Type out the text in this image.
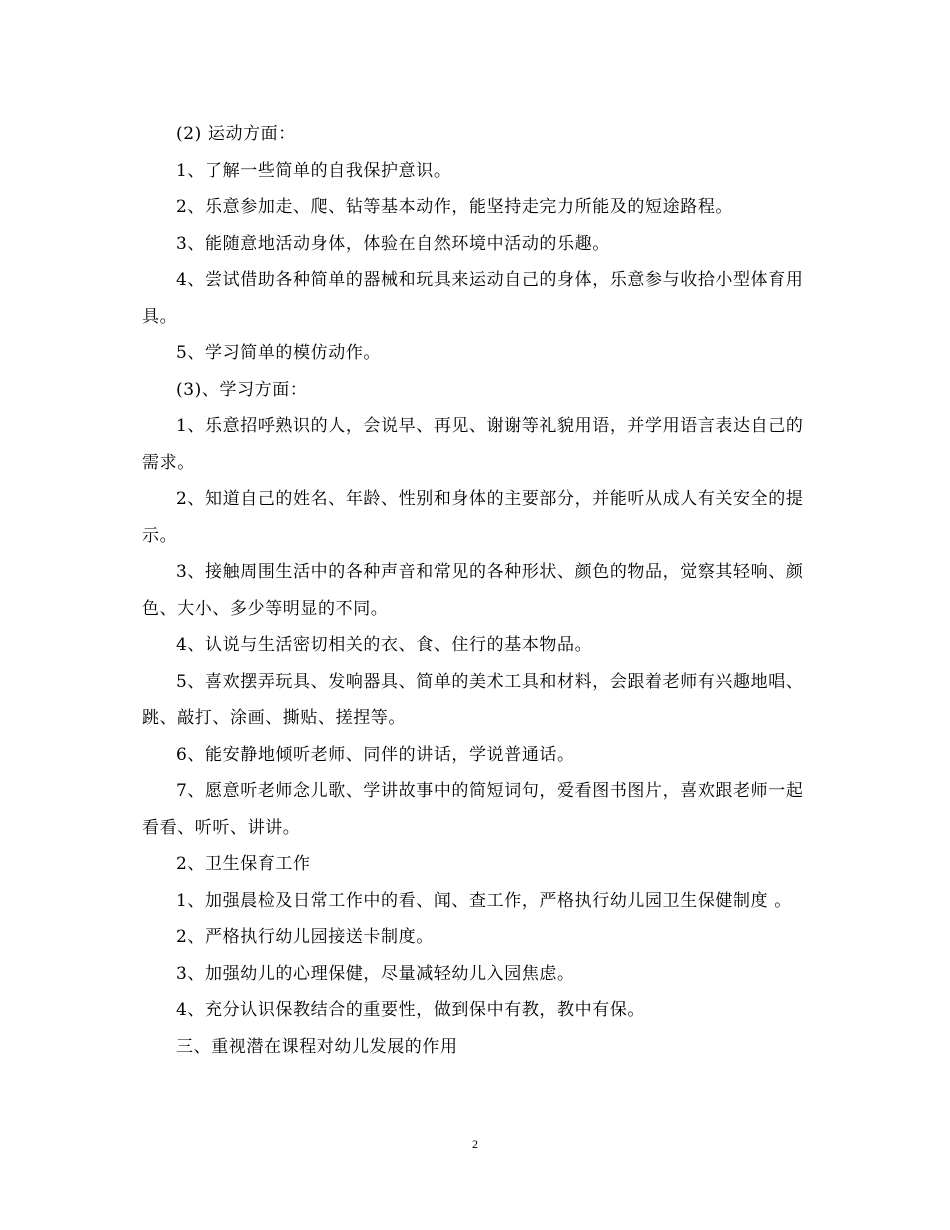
(2) 运动方面：

1、了解一些简单的自我保护意识。

2、乐意参加走、爬、钻等基本动作，能坚持走完力所能及的短途路程。

3、能随意地活动身体，体验在自然环境中活动的乐趣。

4、尝试借助各种简单的器械和玩具来运动自己的身体，乐意参与收拾小型体育用具。

5、学习简单的模仿动作。

(3)、学习方面：

1、乐意招呼熟识的人，会说早、再见、谢谢等礼貌用语，并学用语言表达自己的需求。

2、知道自己的姓名、年龄、性别和身体的主要部分，并能听从成人有关安全的提示。

3、接触周围生活中的各种声音和常见的各种形状、颜色的物品，觉察其轻响、颜色、大小、多少等明显的不同。

4、认说与生活密切相关的衣、食、住行的基本物品。

5、喜欢摆弄玩具、发响器具、简单的美术工具和材料，会跟着老师有兴趣地唱、跳、敲打、涂画、撕贴、搓捏等。

6、能安静地倾听老师、同伴的讲话，学说普通话。

7、愿意听老师念儿歌、学讲故事中的简短词句，爱看图书图片，喜欢跟老师一起看看、听听、讲讲。

2、卫生保育工作

1、加强晨检及日常工作中的看、闻、查工作，严格执行幼儿园卫生保健制度 。

2、严格执行幼儿园接送卡制度。

3、加强幼儿的心理保健，尽量减轻幼儿入园焦虑。

4、充分认识保教结合的重要性，做到保中有教，教中有保。

三、重视潜在课程对幼儿发展的作用

2
